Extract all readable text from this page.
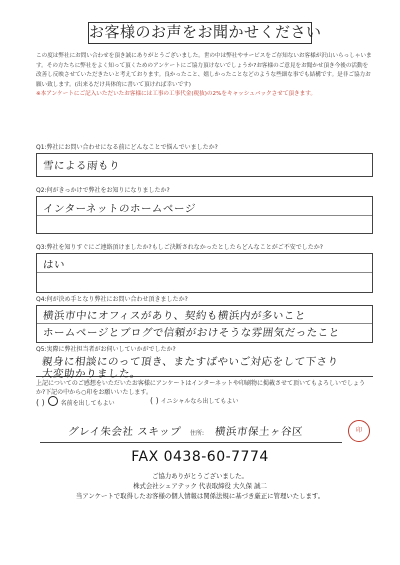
お客様のお声をお聞かせください

この度は弊社にお問い合わせを頂き誠にありがとうございました。世の中は弊社やサービスをご存知ないお客様が沢山いらっしゃいます。その方たちに弊社をよく知って頂くためのアンケートにご協力頂けないでしょうか?お客様のご意見をお聞かせ頂き今後の活動を改善し反映させていただきたいと考えております。良かったこと、嬉しかったことなどのような些細な事でも結構です。是非ご協力お願い致します。(出来るだけ具体的に書いて頂ければ幸いです)
※本アンケートにご記入いただいたお客様には工事の工事代金(税抜)の2%をキャッシュバックさせて頂きます。

Q1:弊社にお問い合わせになる前にどんなことで悩んでいましたか?
雪による雨もり
Q2:何がきっかけで弊社をお知りになりましたか?
インターネットのホームページ
Q3:弊社を知りすぐにご連絡頂けましたか?もしご決断されなかったとしたらどんなことがご不安でしたか?
はい
Q4:何が決め手となり弊社にお問い合わせ頂きましたか?
横浜市中にオフィスがあり、契約も横浜内が多いこと
ホームページとブログで信頼がおけそうな雰囲気だったこと
Q5:実際に弊社担当者がお伺いしていかがでしたか?
親身に相談にのって頂き、またすばやいご対応をして下さり
大変助かりました。

上記についてのご感想をいただいたお客様にアンケートはインターネットや印刷物に掲載させて頂いてもよろしいでしょうか?下記の中から○印をお願いいたします。

( )	名前を出してもよい	( ) イニシャルなら出してもよい
グレイ朱会社 スキップ 住所: 横浜市保土ヶ谷区	印
FAX 0438-60-7774
ご協力ありがとうございました。
株式会社シェアテック 代表取締役 大久保 誠二
当アンケートで取得したお客様の個人情報は関係法規に基づき厳正に管理いたします。
